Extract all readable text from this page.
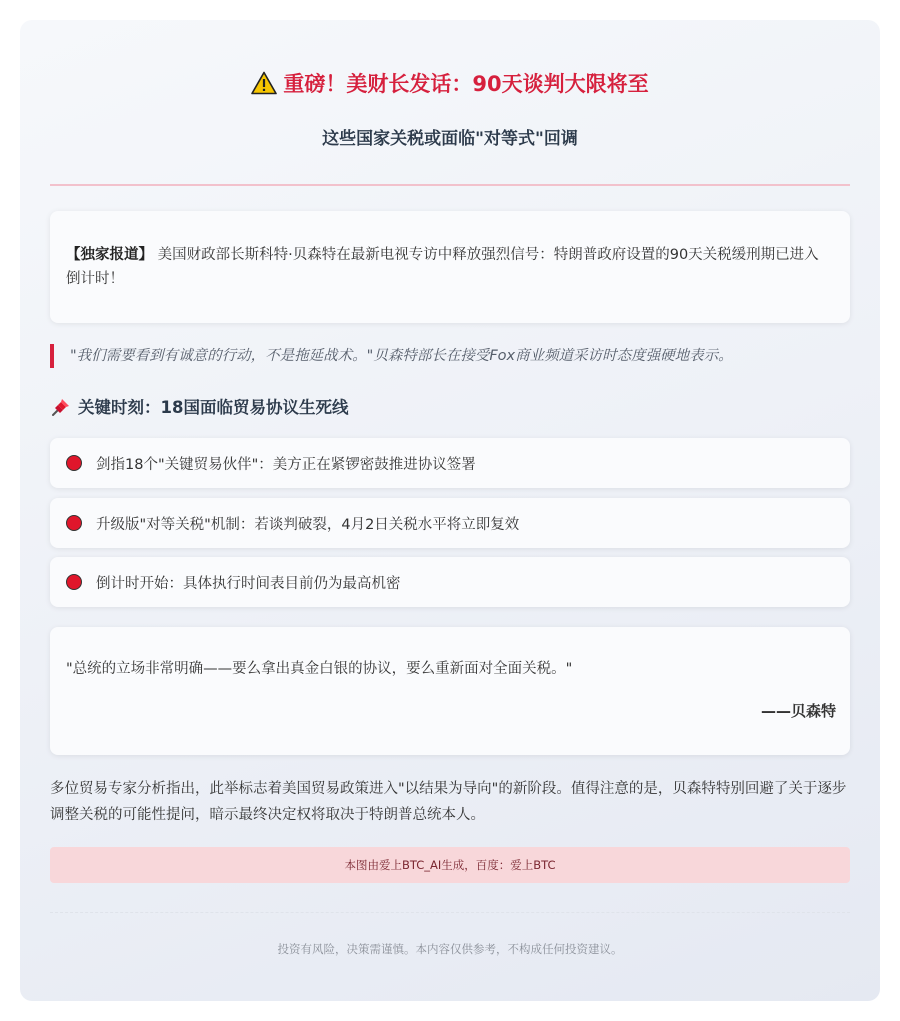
重磅！美财长发话：90天谈判大限将至
这些国家关税或面临"对等式"回调
【独家报道】 美国财政部长斯科特·贝森特在最新电视专访中释放强烈信号：特朗普政府设置的90天关税缓刑期已进入倒计时！
"我们需要看到有诚意的行动，不是拖延战术。"贝森特部长在接受Fox商业频道采访时态度强硬地表示。
关键时刻：18国面临贸易协议生死线
剑指18个"关键贸易伙伴"：美方正在紧锣密鼓推进协议签署
升级版"对等关税"机制：若谈判破裂，4月2日关税水平将立即复效
倒计时开始：具体执行时间表目前仍为最高机密
"总统的立场非常明确——要么拿出真金白银的协议，要么重新面对全面关税。"
——贝森特
多位贸易专家分析指出，此举标志着美国贸易政策进入"以结果为导向"的新阶段。值得注意的是，贝森特特别回避了关于逐步调整关税的可能性提问，暗示最终决定权将取决于特朗普总统本人。
本图由爱上BTC_AI生成，百度：爱上BTC
投资有风险，决策需谨慎。本内容仅供参考，不构成任何投资建议。
